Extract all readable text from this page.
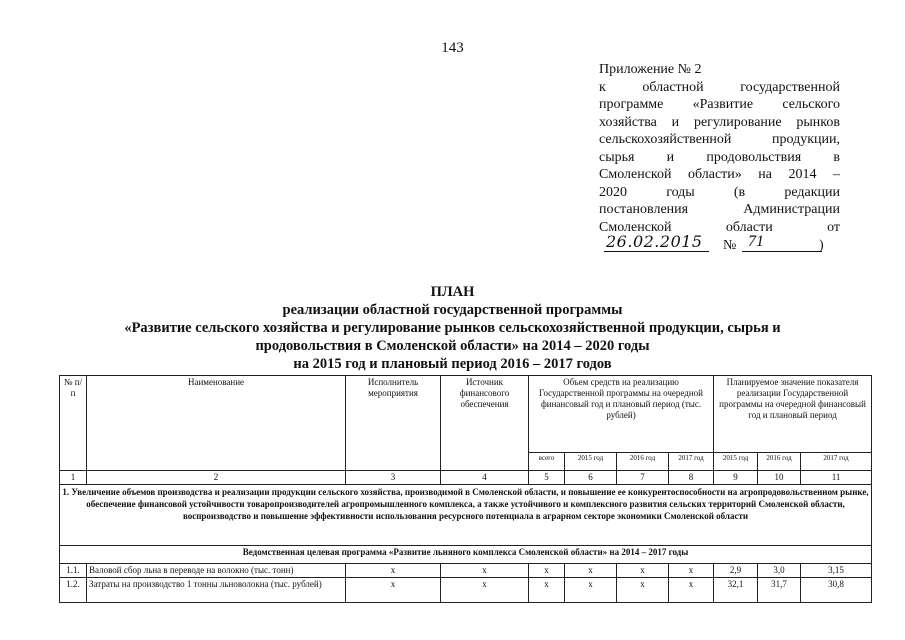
143
Приложение № 2
к областной государственной
программе «Развитие сельского
хозяйства и регулирование рынков
сельскохозяйственной продукции,
сырья и продовольствия в
Смоленской области» на 2014 –
2020 годы (в редакции
постановления Администрации
Смоленской области от
26.02.2015	№ 71	)
ПЛАН
реализации областной государственной программы
«Развитие сельского хозяйства и регулирование рынков сельскохозяйственной продукции, сырья и
продовольствия в Смоленской области» на 2014 – 2020 годы
на 2015 год и плановый период 2016 – 2017 годов
№ п/п	Наименование	Исполнитель мероприятия	Источник финансового обеспечения	Объем средств на реализацию Государственной программы на очередной финансовый год и плановый период (тыс. рублей)				Планируемое значение показателя реализации Государственной программы на очередной финансовый год и плановый период		
				всего	2015 год	2016 год	2017 год	2015 год	2016 год	2017 год
1	2	3	4	5	6	7	8	9	10	11
1. Увеличение объемов производства и реализации продукции сельского хозяйства, производимой в Смоленской области, и повышение ее конкурентоспособности на агропродовольственном рынке, обеспечение финансовой устойчивости товаропроизводителей агропромышленного комплекса, а также устойчивого и комплексного развития сельских территорий Смоленской области, воспроизводство и повышение эффективности использования ресурсного потенциала в аграрном секторе экономики Смоленской области										
Ведомственная целевая программа «Развитие льняного комплекса Смоленской области» на 2014 – 2017 годы										
1.1.	Валовой сбор льна в переводе на волокно (тыс. тонн)	х	х	х	х	х	х	2,9	3,0	3,15
1.2.	Затраты на производство 1 тонны льноволокна (тыс. рублей)	х	х	х	х	х	х	32,1	31,7	30,8
